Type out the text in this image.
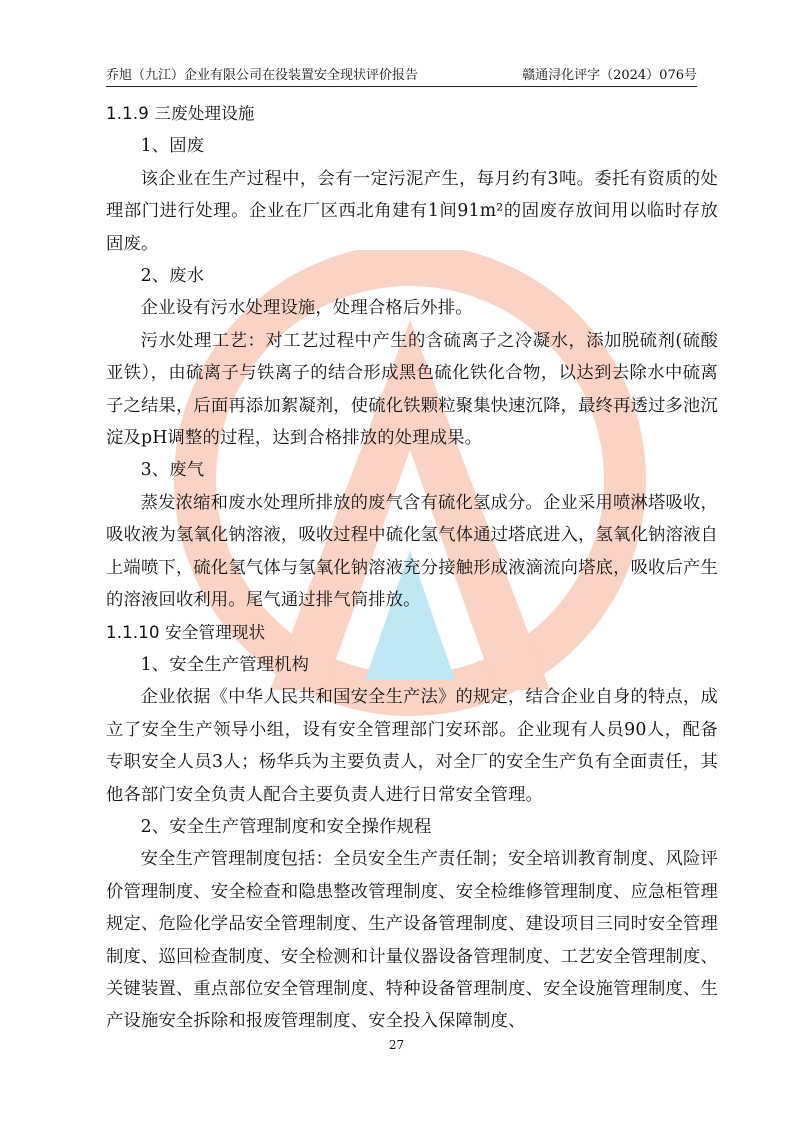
乔旭（九江）企业有限公司在役装置安全现状评价报告	赣通浔化评字（2024）076号

1.1.9 三废处理设施

1、固废

该企业在生产过程中，会有一定污泥产生，每月约有3吨。委托有资质的处理部门进行处理。企业在厂区西北角建有1间91m²的固废存放间用以临时存放固废。

2、废水

企业设有污水处理设施，处理合格后外排。

污水处理工艺：对工艺过程中产生的含硫离子之冷凝水，添加脱硫剂(硫酸亚铁），由硫离子与铁离子的结合形成黑色硫化铁化合物，以达到去除水中硫离子之结果，后面再添加絮凝剂，使硫化铁颗粒聚集快速沉降，最终再透过多池沉淀及pH调整的过程，达到合格排放的处理成果。

3、废气

蒸发浓缩和废水处理所排放的废气含有硫化氢成分。企业采用喷淋塔吸收，吸收液为氢氧化钠溶液，吸收过程中硫化氢气体通过塔底进入，氢氧化钠溶液自上端喷下，硫化氢气体与氢氧化钠溶液充分接触形成液滴流向塔底，吸收后产生的溶液回收利用。尾气通过排气筒排放。

1.1.10 安全管理现状

1、安全生产管理机构

企业依据《中华人民共和国安全生产法》的规定，结合企业自身的特点，成立了安全生产领导小组，设有安全管理部门安环部。企业现有人员90人，配备专职安全人员3人；杨华兵为主要负责人，对全厂的安全生产负有全面责任，其他各部门安全负责人配合主要负责人进行日常安全管理。

2、安全生产管理制度和安全操作规程

安全生产管理制度包括：全员安全生产责任制；安全培训教育制度、风险评价管理制度、安全检查和隐患整改管理制度、安全检维修管理制度、应急柜管理规定、危险化学品安全管理制度、生产设备管理制度、建设项目三同时安全管理制度、巡回检查制度、安全检测和计量仪器设备管理制度、工艺安全管理制度、关键装置、重点部位安全管理制度、特种设备管理制度、安全设施管理制度、生产设施安全拆除和报废管理制度、安全投入保障制度、

27
